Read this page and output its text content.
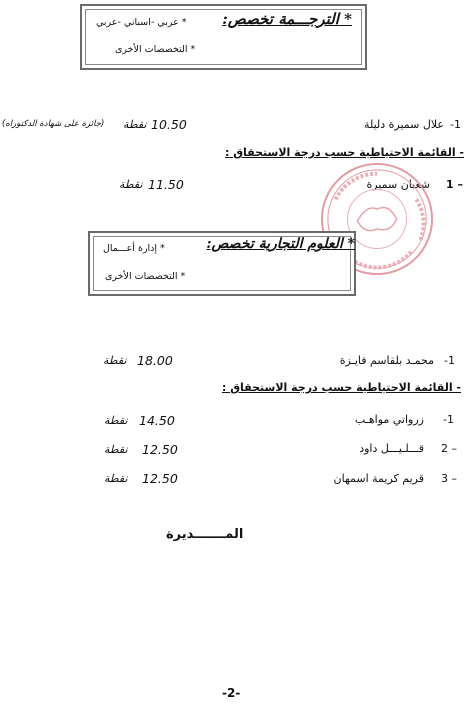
* الترجـــمة تخصص:
* عربي -اسباني -عربي
* التخصصات الأخرى
-1
علال سميرة دليلة
10.50
نقطة
(جائزة على شهادة الدكتوراه)
- القائمة الاحتياطية حسب درجة الاستحقاق :
1 –
شعبان سميرة
11.50
نقطة
* العلوم التجارية تخصص:
* إدارة أعـــمال
* التخصصات الأخرى
-1
محمـد بلقاسم فايـزة
18.00
نقطة
- القائمة الاحتياطية حسب درجة الاستحقاق :
-1
زرواتي مواهـب
14.50
نقطة
2 –
قـــلـيـــل داود
12.50
نقطة
3 –
قريم كريمة اسمهان
12.50
نقطة
المـــــــديرة
-2-
